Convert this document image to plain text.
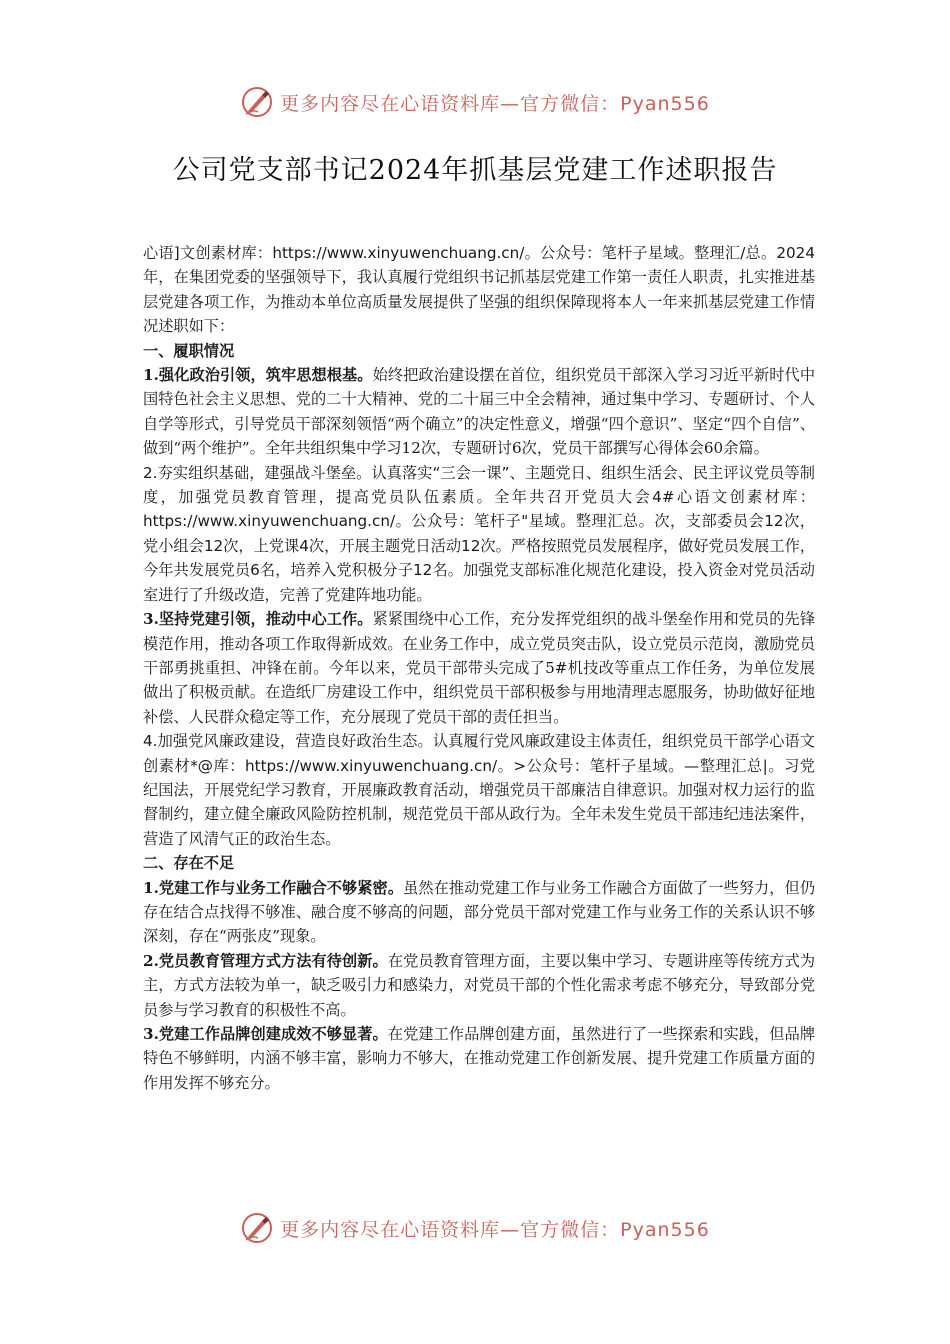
更多内容尽在心语资料库—官方微信：Pyan556
公司党支部书记2024年抓基层党建工作述职报告

心语]文创素材库：https://www.xinyuwenchuang.cn/。公众号：笔杆子星域。整理汇/总。2024年，在集团党委的坚强领导下，我认真履行党组织书记抓基层党建工作第一责任人职责，扎实推进基层党建各项工作，为推动本单位高质量发展提供了坚强的组织保障现将本人一年来抓基层党建工作情况述职如下：

一、履职情况

1.强化政治引领，筑牢思想根基。始终把政治建设摆在首位，组织党员干部深入学习习近平新时代中国特色社会主义思想、党的二十大精神、党的二十届三中全会精神，通过集中学习、专题研讨、个人自学等形式，引导党员干部深刻领悟“两个确立”的决定性意义，增强“四个意识”、坚定“四个自信”、做到“两个维护”。全年共组织集中学习12次，专题研讨6次，党员干部撰写心得体会60余篇。

2.夯实组织基础，建强战斗堡垒。认真落实“三会一课”、主题党日、组织生活会、民主评议党员等制度，加强党员教育管理，提高党员队伍素质。全年共召开党员大会4#心语文创素材库：https://www.xinyuwenchuang.cn/。公众号：笔杆子"星域。整理汇总。次，支部委员会12次，党小组会12次，上党课4次，开展主题党日活动12次。严格按照党员发展程序，做好党员发展工作，今年共发展党员6名，培养入党积极分子12名。加强党支部标准化规范化建设，投入资金对党员活动室进行了升级改造，完善了党建阵地功能。

3.坚持党建引领，推动中心工作。紧紧围绕中心工作，充分发挥党组织的战斗堡垒作用和党员的先锋模范作用，推动各项工作取得新成效。在业务工作中，成立党员突击队，设立党员示范岗，激励党员干部勇挑重担、冲锋在前。今年以来，党员干部带头完成了5#机技改等重点工作任务，为单位发展做出了积极贡献。在造纸厂房建设工作中，组织党员干部积极参与用地清理志愿服务，协助做好征地补偿、人民群众稳定等工作，充分展现了党员干部的责任担当。

4.加强党风廉政建设，营造良好政治生态。认真履行党风廉政建设主体责任，组织党员干部学心语文创素材*@库：https://www.xinyuwenchuang.cn/。>公众号：笔杆子星域。—整理汇总|。习党纪国法，开展党纪学习教育，开展廉政教育活动，增强党员干部廉洁自律意识。加强对权力运行的监督制约，建立健全廉政风险防控机制，规范党员干部从政行为。全年未发生党员干部违纪违法案件，营造了风清气正的政治生态。

二、存在不足

1.党建工作与业务工作融合不够紧密。虽然在推动党建工作与业务工作融合方面做了一些努力，但仍存在结合点找得不够准、融合度不够高的问题，部分党员干部对党建工作与业务工作的关系认识不够深刻，存在“两张皮”现象。

2.党员教育管理方式方法有待创新。在党员教育管理方面，主要以集中学习、专题讲座等传统方式为主，方式方法较为单一，缺乏吸引力和感染力，对党员干部的个性化需求考虑不够充分，导致部分党员参与学习教育的积极性不高。

3.党建工作品牌创建成效不够显著。在党建工作品牌创建方面，虽然进行了一些探索和实践，但品牌特色不够鲜明，内涵不够丰富，影响力不够大，在推动党建工作创新发展、提升党建工作质量方面的作用发挥不够充分。

更多内容尽在心语资料库—官方微信：Pyan556
